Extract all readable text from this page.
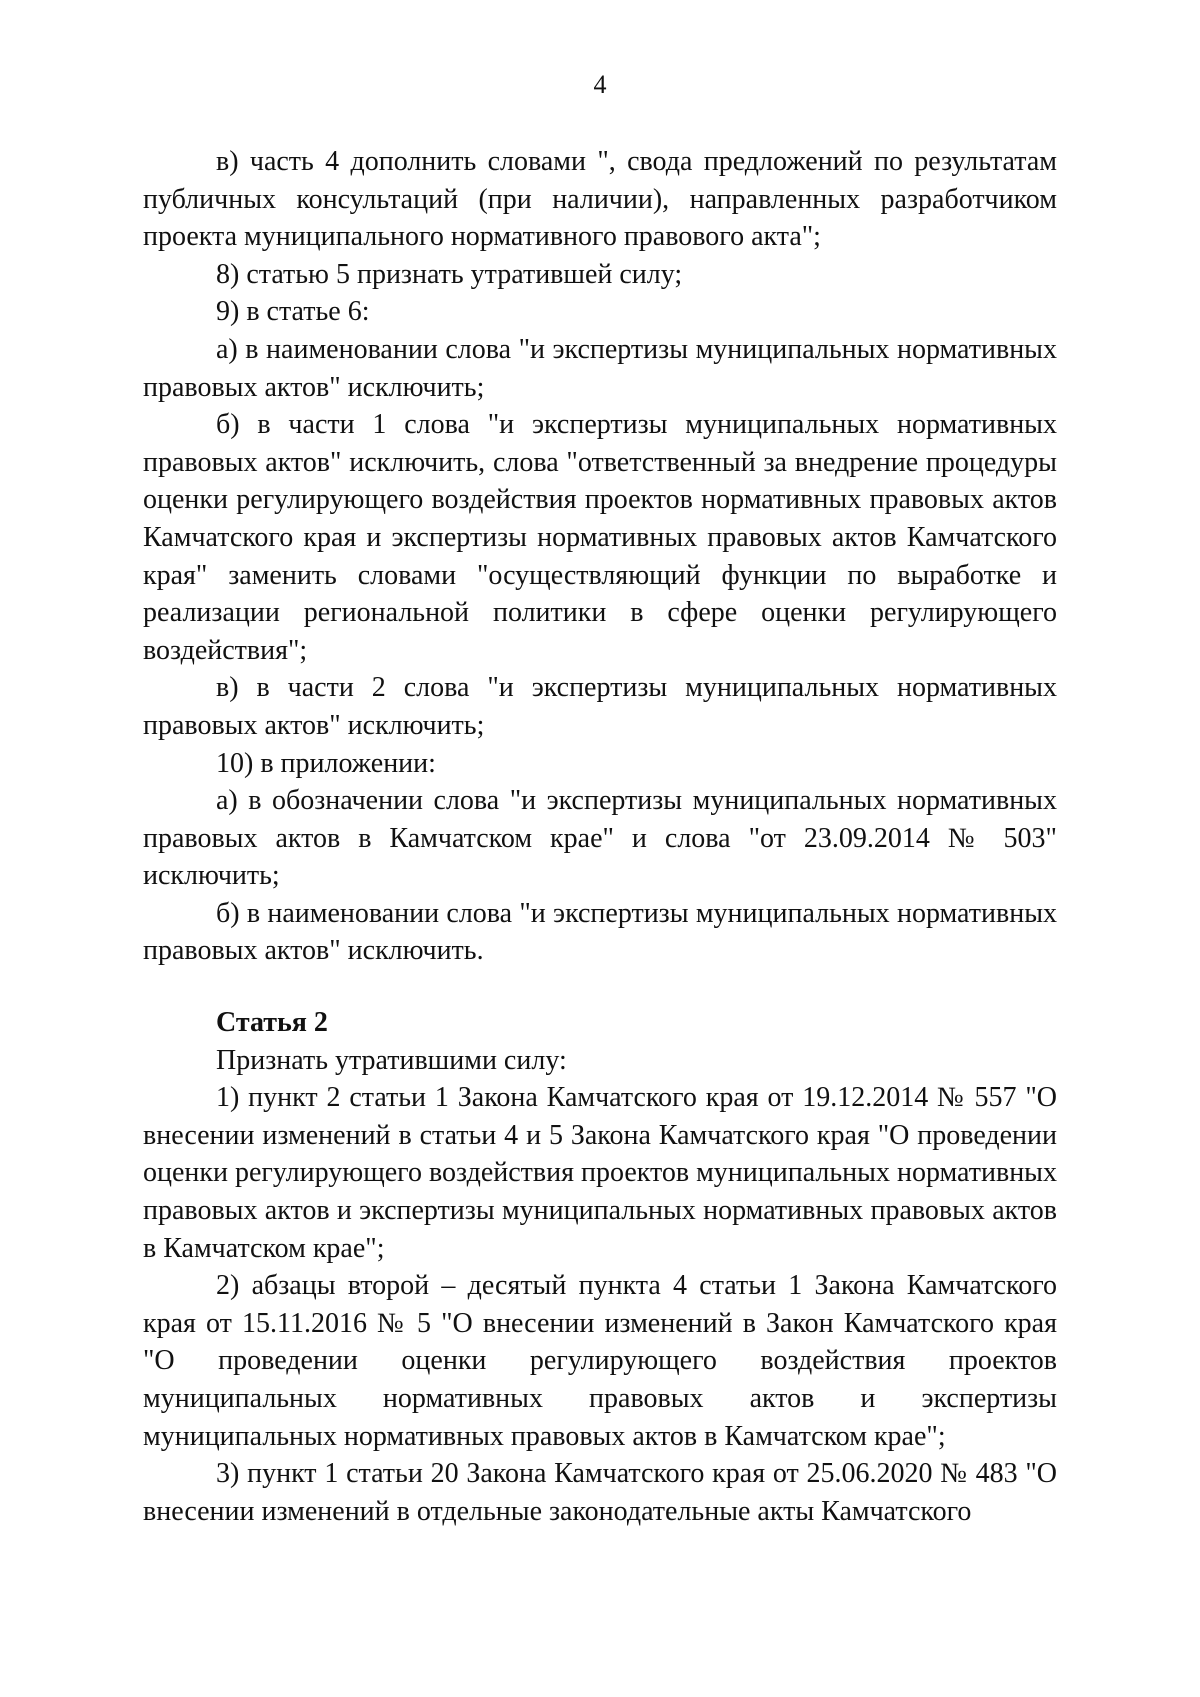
4

в) часть 4 дополнить словами ", свода предложений по результатам публичных консультаций (при наличии), направленных разработчиком проекта муниципального нормативного правового акта";

8) статью 5 признать утратившей силу;

9) в статье 6:

а) в наименовании слова "и экспертизы муниципальных нормативных правовых актов" исключить;

б) в части 1 слова "и экспертизы муниципальных нормативных правовых актов" исключить, слова "ответственный за внедрение процедуры оценки регулирующего воздействия проектов нормативных правовых актов Камчатского края и экспертизы нормативных правовых актов Камчатского края" заменить словами "осуществляющий функции по выработке и реализации региональной политики в сфере оценки регулирующего воздействия";

в) в части 2 слова "и экспертизы муниципальных нормативных правовых актов" исключить;

10) в приложении:

а) в обозначении слова "и экспертизы муниципальных нормативных правовых актов в Камчатском крае" и слова "от 23.09.2014 № 503" исключить;

б) в наименовании слова "и экспертизы муниципальных нормативных правовых актов" исключить.

Статья 2

Признать утратившими силу:

1) пункт 2 статьи 1 Закона Камчатского края от 19.12.2014 № 557 "О внесении изменений в статьи 4 и 5 Закона Камчатского края "О проведении оценки регулирующего воздействия проектов муниципальных нормативных правовых актов и экспертизы муниципальных нормативных правовых актов в Камчатском крае";

2) абзацы второй – десятый пункта 4 статьи 1 Закона Камчатского края от 15.11.2016 № 5 "О внесении изменений в Закон Камчатского края "О проведении оценки регулирующего воздействия проектов муниципальных нормативных правовых актов и экспертизы муниципальных нормативных правовых актов в Камчатском крае";

3) пункт 1 статьи 20 Закона Камчатского края от 25.06.2020 № 483 "О внесении изменений в отдельные законодательные акты Камчатского
